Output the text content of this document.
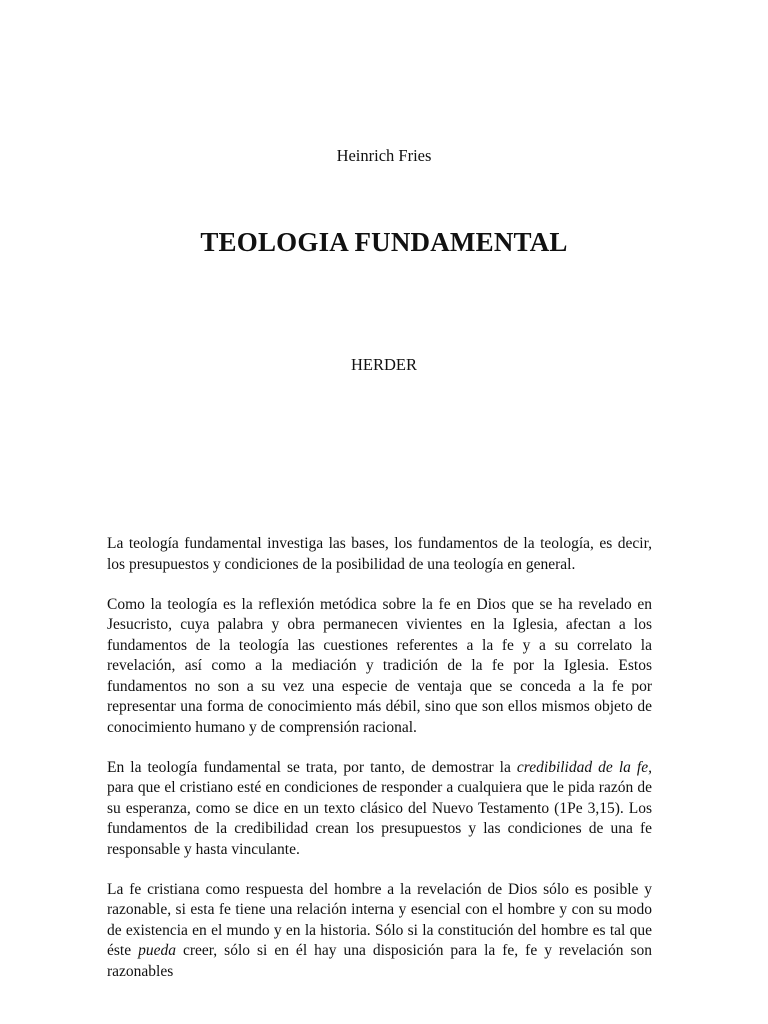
Heinrich Fries
TEOLOGIA FUNDAMENTAL
HERDER

La teología fundamental investiga las bases, los fundamentos de la teología, es decir, los presupuestos y condiciones de la posibilidad de una teología en general.

Como la teología es la reflexión metódica sobre la fe en Dios que se ha revelado en Jesucristo, cuya palabra y obra permanecen vivientes en la Iglesia, afectan a los fundamentos de la teología las cuestiones referentes a la fe y a su correlato la revelación, así como a la mediación y tradición de la fe por la Iglesia. Estos fundamentos no son a su vez una especie de ventaja que se conceda a la fe por representar una forma de conocimiento más débil, sino que son ellos mismos objeto de conocimiento humano y de comprensión racional.

En la teología fundamental se trata, por tanto, de demostrar la credibilidad de la fe, para que el cristiano esté en condiciones de responder a cualquiera que le pida razón de su esperanza, como se dice en un texto clásico del Nuevo Testamento (1Pe 3,15). Los fundamentos de la credibilidad crean los presupuestos y las condiciones de una fe responsable y hasta vinculante.

La fe cristiana como respuesta del hombre a la revelación de Dios sólo es posible y razonable, si esta fe tiene una relación interna y esencial con el hombre y con su modo de existencia en el mundo y en la historia. Sólo si la constitución del hombre es tal que éste pueda creer, sólo si en él hay una disposición para la fe, fe y revelación son razonables
